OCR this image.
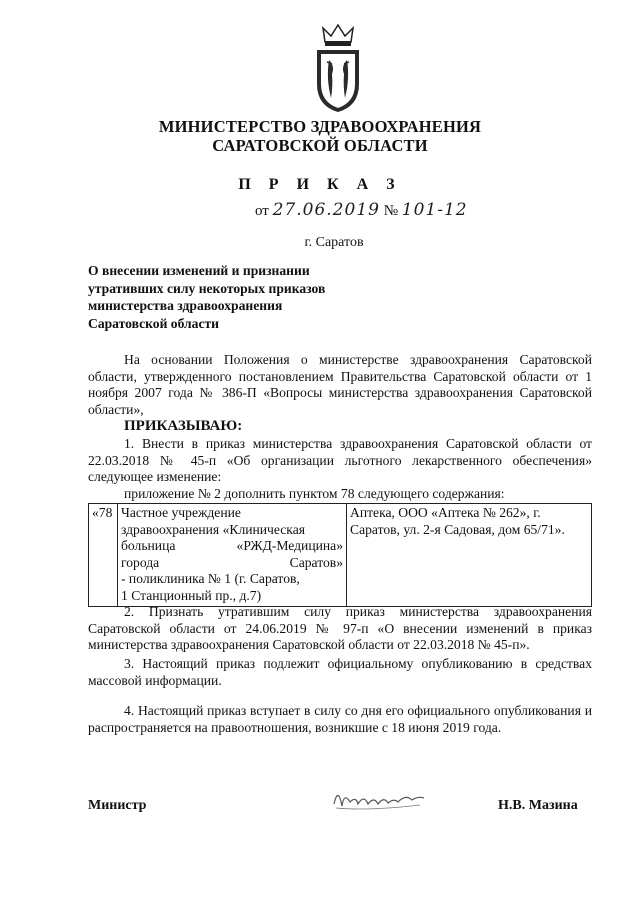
МИНИСТЕРСТВО ЗДРАВООХРАНЕНИЯ
САРАТОВСКОЙ ОБЛАСТИ
П Р И К А З
от 27.06.2019 № 101-12
г. Саратов
О внесении изменений и признании
утративших силу некоторых приказов
министерства здравоохранения
Саратовской области
На основании Положения о министерстве здравоохранения Саратовской области, утвержденного постановлением Правительства Саратовской области от 1 ноября 2007 года № 386-П «Вопросы министерства здравоохранения Саратовской области»,
ПРИКАЗЫВАЮ:
1. Внести в приказ министерства здравоохранения Саратовской области от 22.03.2018 № 45-п «Об организации льготного лекарственного обеспечения» следующее изменение:
приложение № 2 дополнить пунктом 78 следующего содержания:
«78	Частное учреждение
здравоохранения «Клиническая
больница «РЖД-Медицина»
города Саратов»
- поликлиника № 1 (г. Саратов,
1 Станционный пр., д.7)
	Аптека, ООО «Аптека № 262», г. Саратов, ул. 2-я Садовая, дом 65/71».
2. Признать утратившим силу приказ министерства здравоохранения Саратовской области от 24.06.2019 № 97-п «О внесении изменений в приказ министерства здравоохранения Саратовской области от 22.03.2018 № 45-п».
3. Настоящий приказ подлежит официальному опубликованию в средствах массовой информации.
4. Настоящий приказ вступает в силу со дня его официального опубликования и распространяется на правоотношения, возникшие с 18 июня 2019 года.
Министр	Н.В. Мазина
